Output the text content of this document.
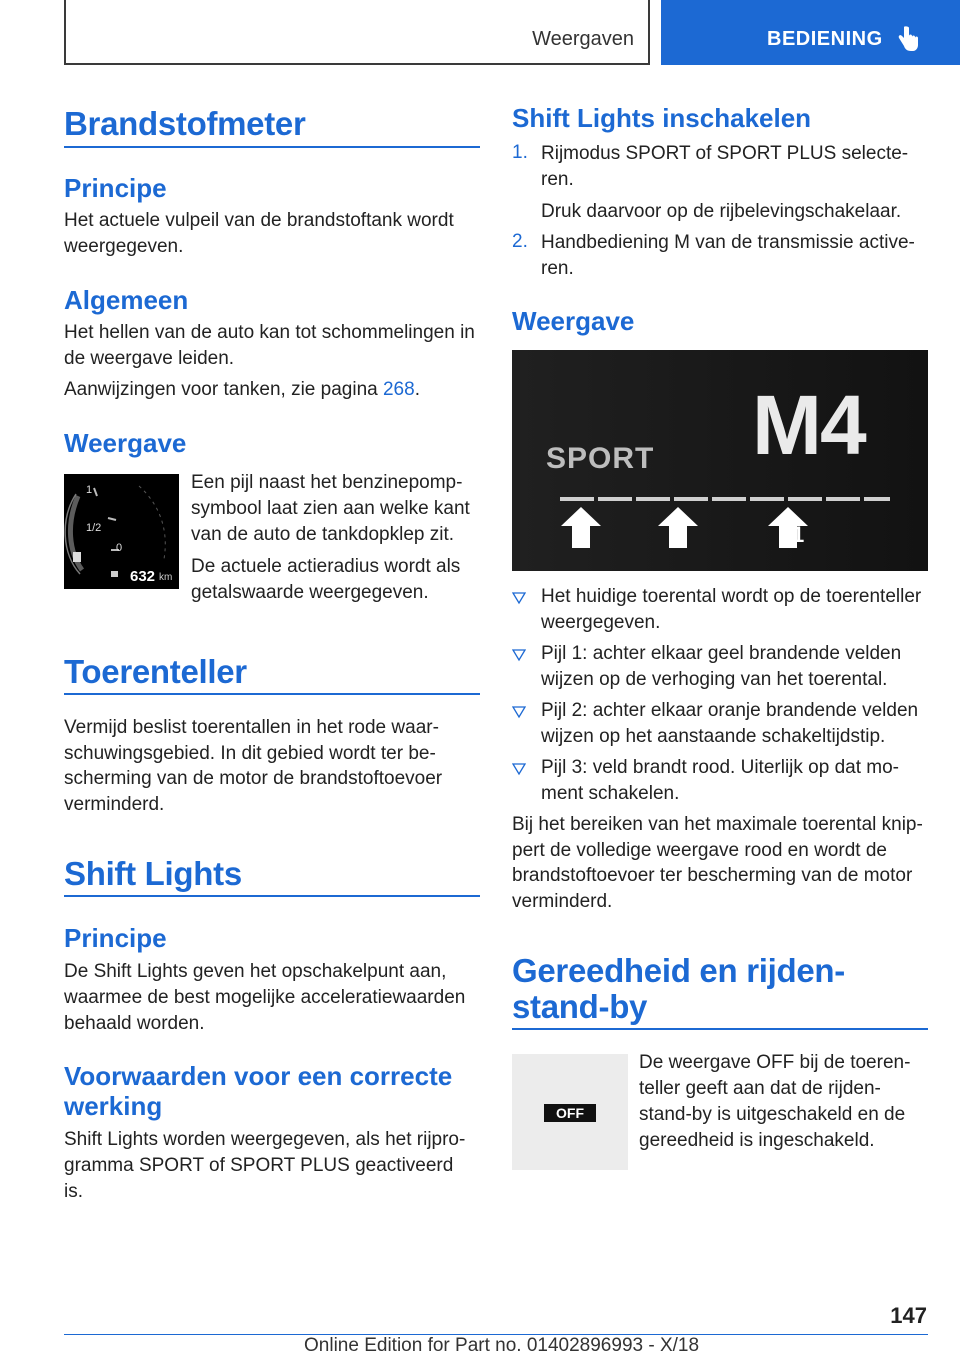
Weergaven	BEDIENING
Brandstofmeter
Principe
Het actuele vulpeil van de brandstoftank wordt
weergegeven.
Algemeen
Het hellen van de auto kan tot schommelingen in
de weergave leiden.
Aanwijzingen voor tanken, zie pagina 268.
Weergave
1
1/2
0
632 km
Een pijl naast het benzinepomp-
symbool laat zien aan welke kant
van de auto de tankdopklep zit.
De actuele actieradius wordt als
getalswaarde weergegeven.
Toerenteller
Vermijd beslist toerentallen in het rode waar-
schuwingsgebied. In dit gebied wordt ter be-
scherming van de motor de brandstoftoevoer
verminderd.
Shift Lights
Principe
De Shift Lights geven het opschakelpunt aan,
waarmee de best mogelijke acceleratiewaarden
behaald worden.
Voorwaarden voor een correcte
werking
Shift Lights worden weergegeven, als het rijpro-
gramma SPORT of SPORT PLUS geactiveerd
is.
Shift Lights inschakelen
1. Rijmodus SPORT of SPORT PLUS selecte-
ren.
Druk daarvoor op de rijbelevingschakelaar.
2. Handbediening M van de transmissie active-
ren.
Weergave
SPORT M4
3	2	1
Het huidige toerental wordt op de toerenteller
weergegeven.
Pijl 1: achter elkaar geel brandende velden
wijzen op de verhoging van het toerental.
Pijl 2: achter elkaar oranje brandende velden
wijzen op het aanstaande schakeltijdstip.
Pijl 3: veld brandt rood. Uiterlijk op dat mo-
ment schakelen.
Bij het bereiken van het maximale toerental knip-
pert de volledige weergave rood en wordt de
brandstoftoevoer ter bescherming van de motor
verminderd.
Gereedheid en rijden-
stand-by
OFF
De weergave OFF bij de toeren-
teller geeft aan dat de rijden-
stand-by is uitgeschakeld en de
gereedheid is ingeschakeld.
147
Online Edition for Part no. 01402896993 - X/18
